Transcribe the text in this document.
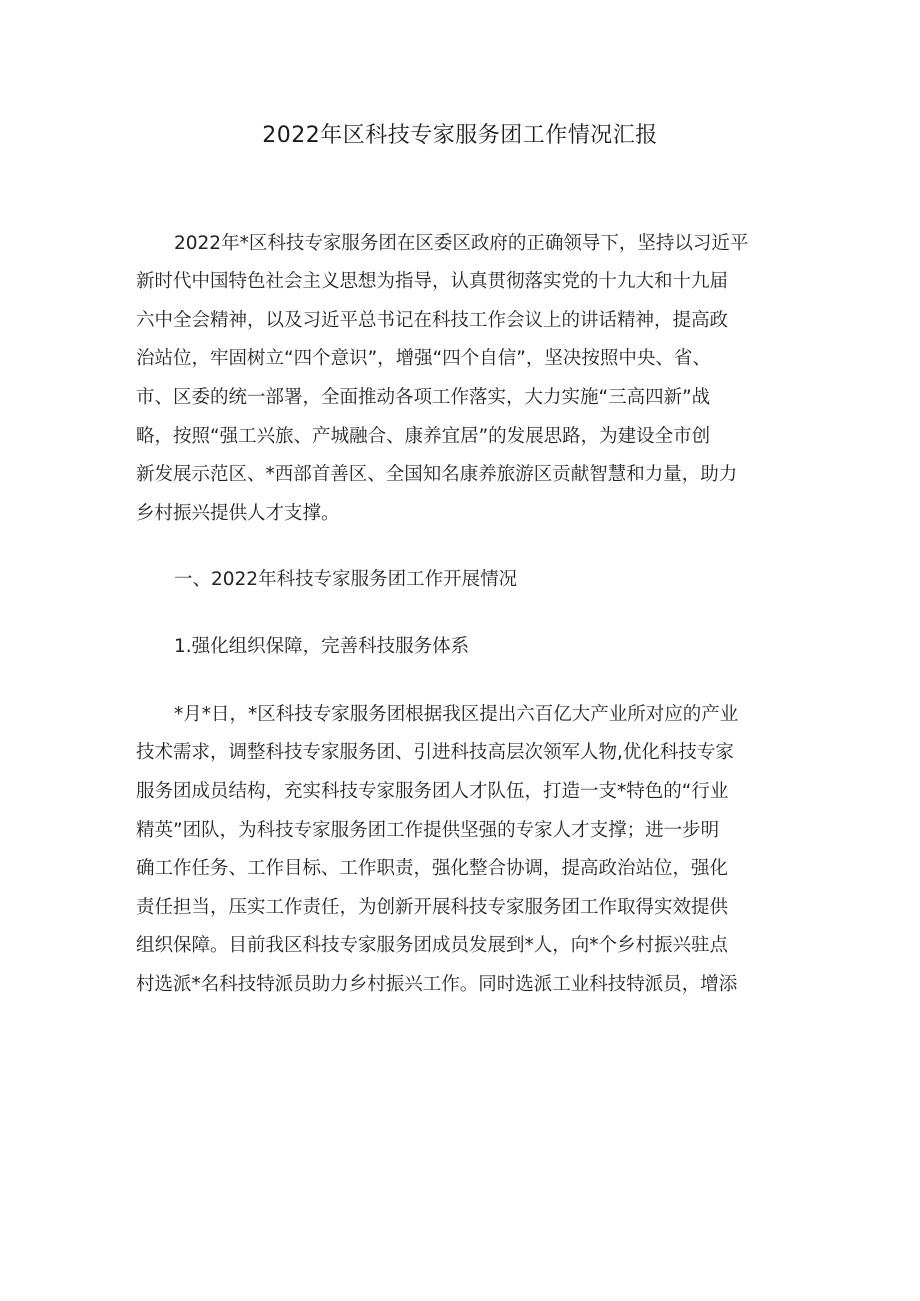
2022年区科技专家服务团工作情况汇报
2022年*区科技专家服务团在区委区政府的正确领导下，坚持以习近平
新时代中国特色社会主义思想为指导，认真贯彻落实党的十九大和十九届
六中全会精神，以及习近平总书记在科技工作会议上的讲话精神，提高政
治站位，牢固树立“四个意识”，增强“四个自信”，坚决按照中央、省、
市、区委的统一部署，全面推动各项工作落实，大力实施“三高四新”战
略，按照“强工兴旅、产城融合、康养宜居”的发展思路，为建设全市创
新发展示范区、*西部首善区、全国知名康养旅游区贡献智慧和力量，助力
乡村振兴提供人才支撑。
一、2022年科技专家服务团工作开展情况
1.强化组织保障，完善科技服务体系
*月*日，*区科技专家服务团根据我区提出六百亿大产业所对应的产业
技术需求，调整科技专家服务团、引进科技高层次领军人物,优化科技专家
服务团成员结构，充实科技专家服务团人才队伍，打造一支*特色的“行业
精英”团队，为科技专家服务团工作提供坚强的专家人才支撑；进一步明
确工作任务、工作目标、工作职责，强化整合协调，提高政治站位，强化
责任担当，压实工作责任，为创新开展科技专家服务团工作取得实效提供
组织保障。目前我区科技专家服务团成员发展到*人，向*个乡村振兴驻点
村选派*名科技特派员助力乡村振兴工作。同时选派工业科技特派员，增添
